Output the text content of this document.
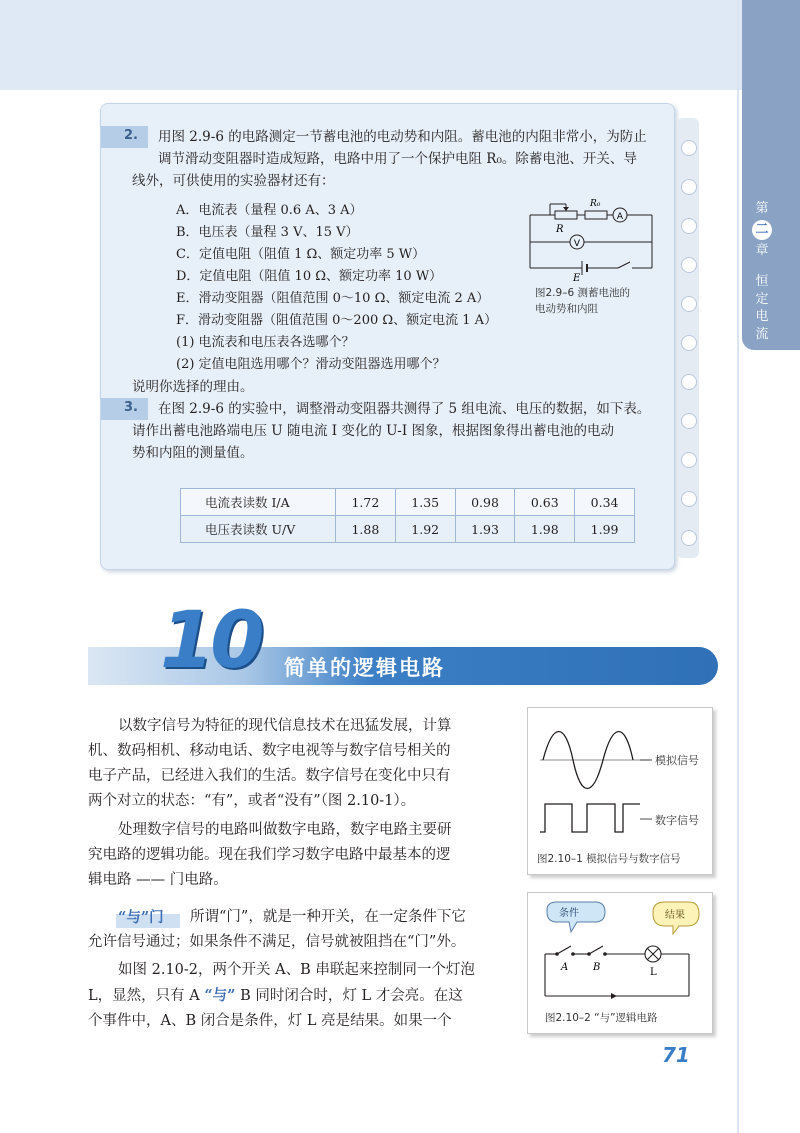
第
二
章
恒
定
电
流
2. 用图 2.9-6 的电路测定一节蓄电池的电动势和内阻。蓄电池的内阻非常小，为防止
调节滑动变阻器时造成短路，电路中用了一个保护电阻 R₀。除蓄电池、开关、导
线外，可供使用的实验器材还有：
A．电流表（量程 0.6 A、3 A）
B．电压表（量程 3 V、15 V）
C．定值电阻（阻值 1 Ω、额定功率 5 W）
D．定值电阻（阻值 10 Ω、额定功率 10 W）
E．滑动变阻器（阻值范围 0～10 Ω、额定电流 2 A）
F．滑动变阻器（阻值范围 0～200 Ω、额定电流 1 A）
(1) 电流表和电压表各选哪个？
(2) 定值电阻选用哪个？滑动变阻器选用哪个？
说明你选择的理由。
A
V
R₀
R
E
图2.9–6 测蓄电池的
电动势和内阻
3. 在图 2.9-6 的实验中，调整滑动变阻器共测得了 5 组电流、电压的数据，如下表。
请作出蓄电池路端电压 U 随电流 I 变化的 U-I 图象，根据图象得出蓄电池的电动
势和内阻的测量值。
电流表读数 I/A	1.72	1.35	0.98	0.63	0.34
电压表读数 U/V	1.88	1.92	1.93	1.98	1.99
10 简单的逻辑电路
以数字信号为特征的现代信息技术在迅猛发展，计算
机、数码相机、移动电话、数字电视等与数字信号相关的
电子产品，已经进入我们的生活。数字信号在变化中只有
两个对立的状态：“有”，或者“没有”（图 2.10-1）。
处理数字信号的电路叫做数字电路，数字电路主要研
究电路的逻辑功能。现在我们学习数字电路中最基本的逻
辑电路 —— 门电路。
“与”门 所谓“门”，就是一种开关，在一定条件下它
允许信号通过；如果条件不满足，信号就被阻挡在“门”外。
如图 2.10-2，两个开关 A、B 串联起来控制同一个灯泡
L，显然，只有 A “与” B 同时闭合时，灯 L 才会亮。在这
个事件中，A、B 闭合是条件，灯 L 亮是结果。如果一个
模拟信号
数字信号
图2.10–1 模拟信号与数字信号
条件	结果
A B	L
图2.10–2 “与”逻辑电路
71
